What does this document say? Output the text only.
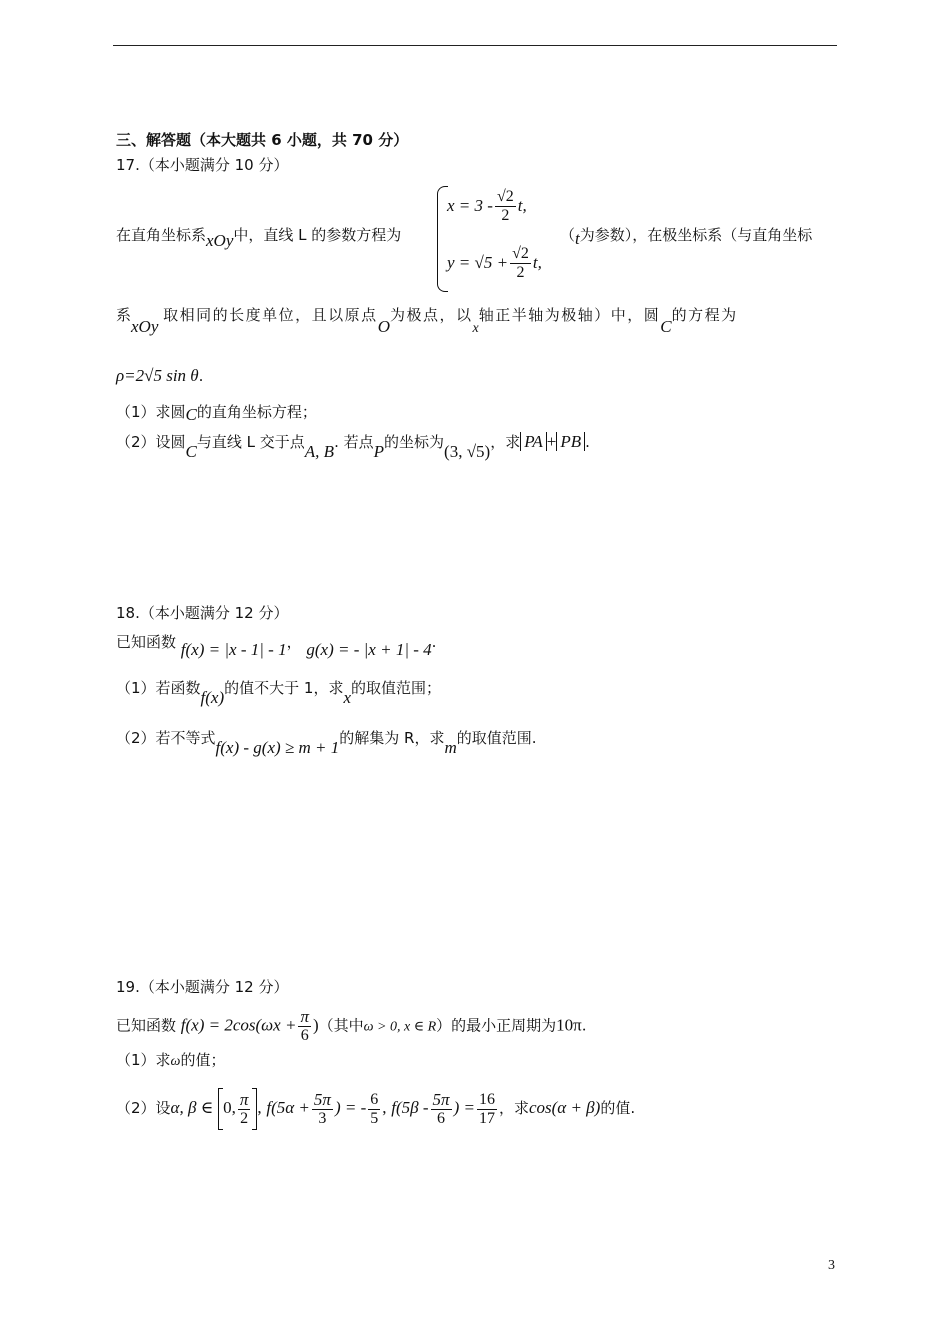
三、解答题（本大题共 6 小题，共 70 分）
17.（本小题满分 10 分）
在直角坐标系xOy中，直线 L 的参数方程为
$x = 3 - \frac{√2}{2} t$,
$y = √5 + \frac{√2}{2} t$,
（t为参数），在极坐标系（与直角坐标
系xOy 取相同的长度单位，且以原点O为极点，以x轴正半轴为极轴）中，圆C的方程为
ρ=2√5 sin θ.
（1）求圆C的直角坐标方程；
（2）设圆C与直线 L 交于点A, B. 若点P的坐标为(3, √5)，求 PA + PB .
18.（本小题满分 12 分）
已知函数 f(x) = |x - 1| - 1， g(x) = - |x + 1| - 4.
（1）若函数f(x)的值不大于 1，求x的取值范围；
（2）若不等式f(x) - g(x) ≥ m + 1的解集为 R，求m的取值范围.
19.（本小题满分 12 分）
已知函数 $f(x) = 2\cos(\omega x + \frac{\pi}{6}$ )（其中ω > 0, x ∈ R）的最小正周期为10π.
（1）求ω的值；
（2）设α, β ∈ 0, $\frac{\pi}{2}$ , $f(5\alpha + \frac{5\pi}{3}$ ) = - $\frac{6}{5}$ , $f(5\beta - \frac{5\pi}{6}$ ) = $\frac{16}{17}$ ，求cos(α + β)的值.
3
